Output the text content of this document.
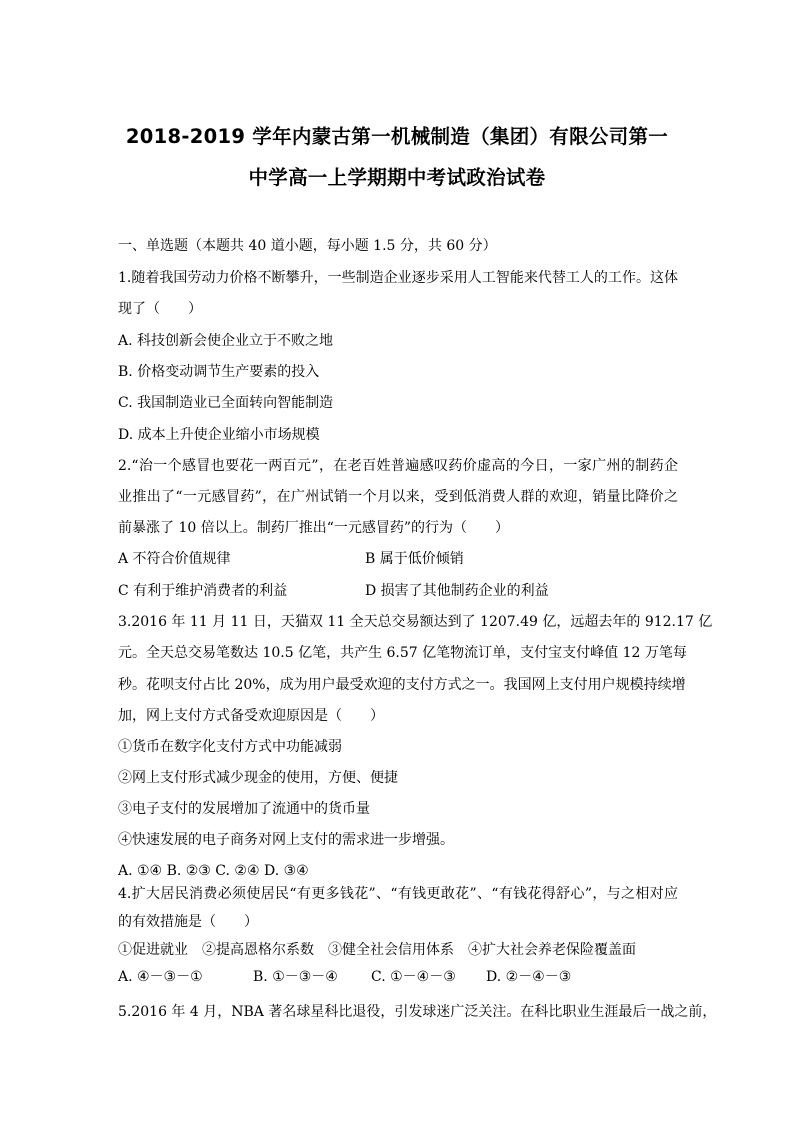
2018-2019 学年内蒙古第一机械制造（集团）有限公司第一
中学高一上学期期中考试政治试卷
一、单选题（本题共 40 道小题，每小题 1.5 分，共 60 分）
1.随着我国劳动力价格不断攀升，一些制造企业逐步采用人工智能来代替工人的工作。这体
现了（　　）
A. 科技创新会使企业立于不败之地
B. 价格变动调节生产要素的投入
C. 我国制造业已全面转向智能制造
D. 成本上升使企业缩小市场规模
2.“治一个感冒也要花一两百元”，在老百姓普遍感叹药价虚高的今日，一家广州的制药企
业推出了“一元感冒药”，在广州试销一个月以来，受到低消费人群的欢迎，销量比降价之
前暴涨了 10 倍以上。制药厂推出“一元感冒药”的行为（　　）
A 不符合价值规律	B 属于低价倾销
C 有利于维护消费者的利益	D 损害了其他制药企业的利益
3.2016 年 11 月 11 日，天猫双 11 全天总交易额达到了 1207.49 亿，远超去年的 912.17 亿
元。全天总交易笔数达 10.5 亿笔，共产生 6.57 亿笔物流订单，支付宝支付峰值 12 万笔每
秒。花呗支付占比 20%，成为用户最受欢迎的支付方式之一。我国网上支付用户规模持续增
加，网上支付方式备受欢迎原因是（　　）
①货币在数字化支付方式中功能减弱
②网上支付形式减少现金的使用，方便、便捷
③电子支付的发展增加了流通中的货币量
④快速发展的电子商务对网上支付的需求进一步增强。
A. ①④ B. ②③ C. ②④ D. ③④
4.扩大居民消费必须使居民“有更多钱花”、“有钱更敢花”、“有钱花得舒心”，与之相对应
的有效措施是（　　）
①促进就业　②提高恩格尔系数　③健全社会信用体系　④扩大社会养老保险覆盖面
A. ④－③－①	B. ①－③－④ C. ①－④－③ D. ②－④－③
5.2016 年 4 月，NBA 著名球星科比退役，引发球迷广泛关注。在科比职业生涯最后一战之前，
